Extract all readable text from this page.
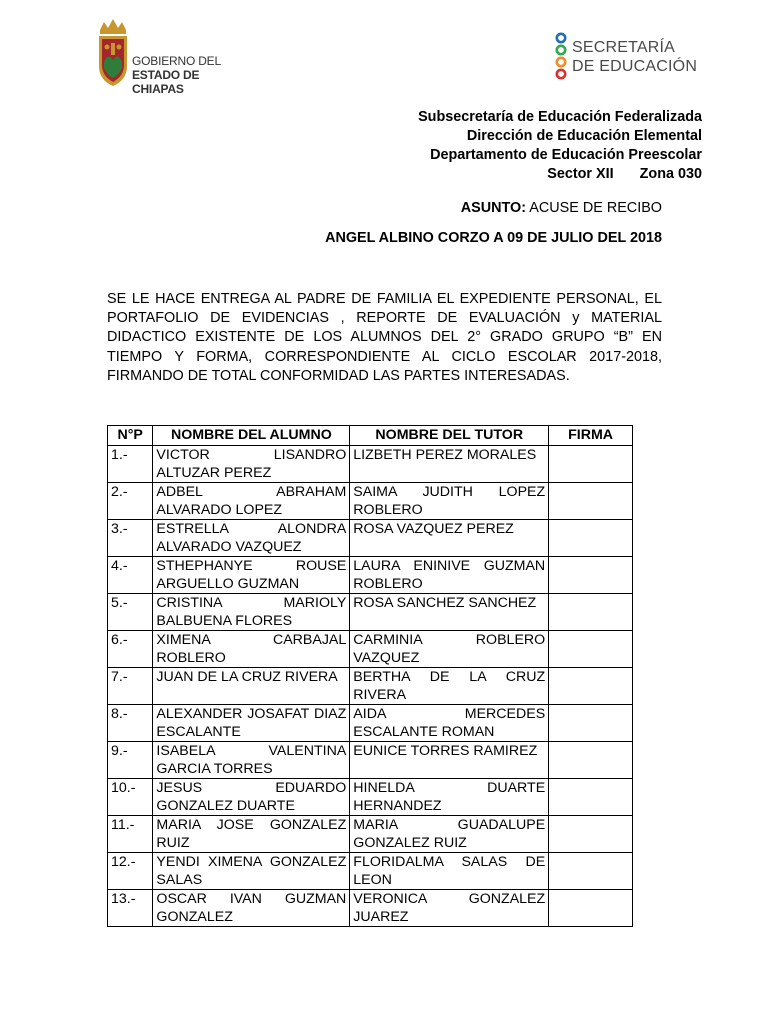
GOBIERNO DEL
ESTADO DE CHIAPAS
SECRETARÍA
DE EDUCACIÓN
Subsecretaría de Educación Federalizada
Dirección de Educación Elemental
Departamento de Educación Preescolar
Sector XII Zona 030
ASUNTO: ACUSE DE RECIBO
ANGEL ALBINO CORZO A 09 DE JULIO DEL 2018
SE LE HACE ENTREGA AL PADRE DE FAMILIA EL EXPEDIENTE PERSONAL, EL PORTAFOLIO DE EVIDENCIAS , REPORTE DE EVALUACIÓN y MATERIAL DIDACTICO EXISTENTE DE LOS ALUMNOS DEL 2° GRADO GRUPO “B” EN TIEMPO Y FORMA, CORRESPONDIENTE AL CICLO ESCOLAR 2017-2018, FIRMANDO DE TOTAL CONFORMIDAD LAS PARTES INTERESADAS.
N°P	NOMBRE DEL ALUMNO	NOMBRE DEL TUTOR	FIRMA
1.-	VICTOR LISANDRO ALTUZAR PEREZ	LIZBETH PEREZ MORALES	
2.-	ADBEL ABRAHAM ALVARADO LOPEZ	SAIMA JUDITH LOPEZ ROBLERO	
3.-	ESTRELLA ALONDRA ALVARADO VAZQUEZ	ROSA VAZQUEZ PEREZ	
4.-	STHEPHANYE ROUSE ARGUELLO GUZMAN	LAURA ENINIVE GUZMAN ROBLERO	
5.-	CRISTINA MARIOLY BALBUENA FLORES	ROSA SANCHEZ SANCHEZ	
6.-	XIMENA CARBAJAL ROBLERO	CARMINIA ROBLERO VAZQUEZ	
7.-	JUAN DE LA CRUZ RIVERA	BERTHA DE LA CRUZ RIVERA	
8.-	ALEXANDER JOSAFAT DIAZ ESCALANTE	AIDA MERCEDES ESCALANTE ROMAN	
9.-	ISABELA VALENTINA GARCIA TORRES	EUNICE TORRES RAMIREZ	
10.-	JESUS EDUARDO GONZALEZ DUARTE	HINELDA DUARTE HERNANDEZ	
11.-	MARIA JOSE GONZALEZ RUIZ	MARIA GUADALUPE GONZALEZ RUIZ	
12.-	YENDI XIMENA GONZALEZ SALAS	FLORIDALMA SALAS DE LEON	
13.-	OSCAR IVAN GUZMAN GONZALEZ	VERONICA GONZALEZ JUAREZ	
